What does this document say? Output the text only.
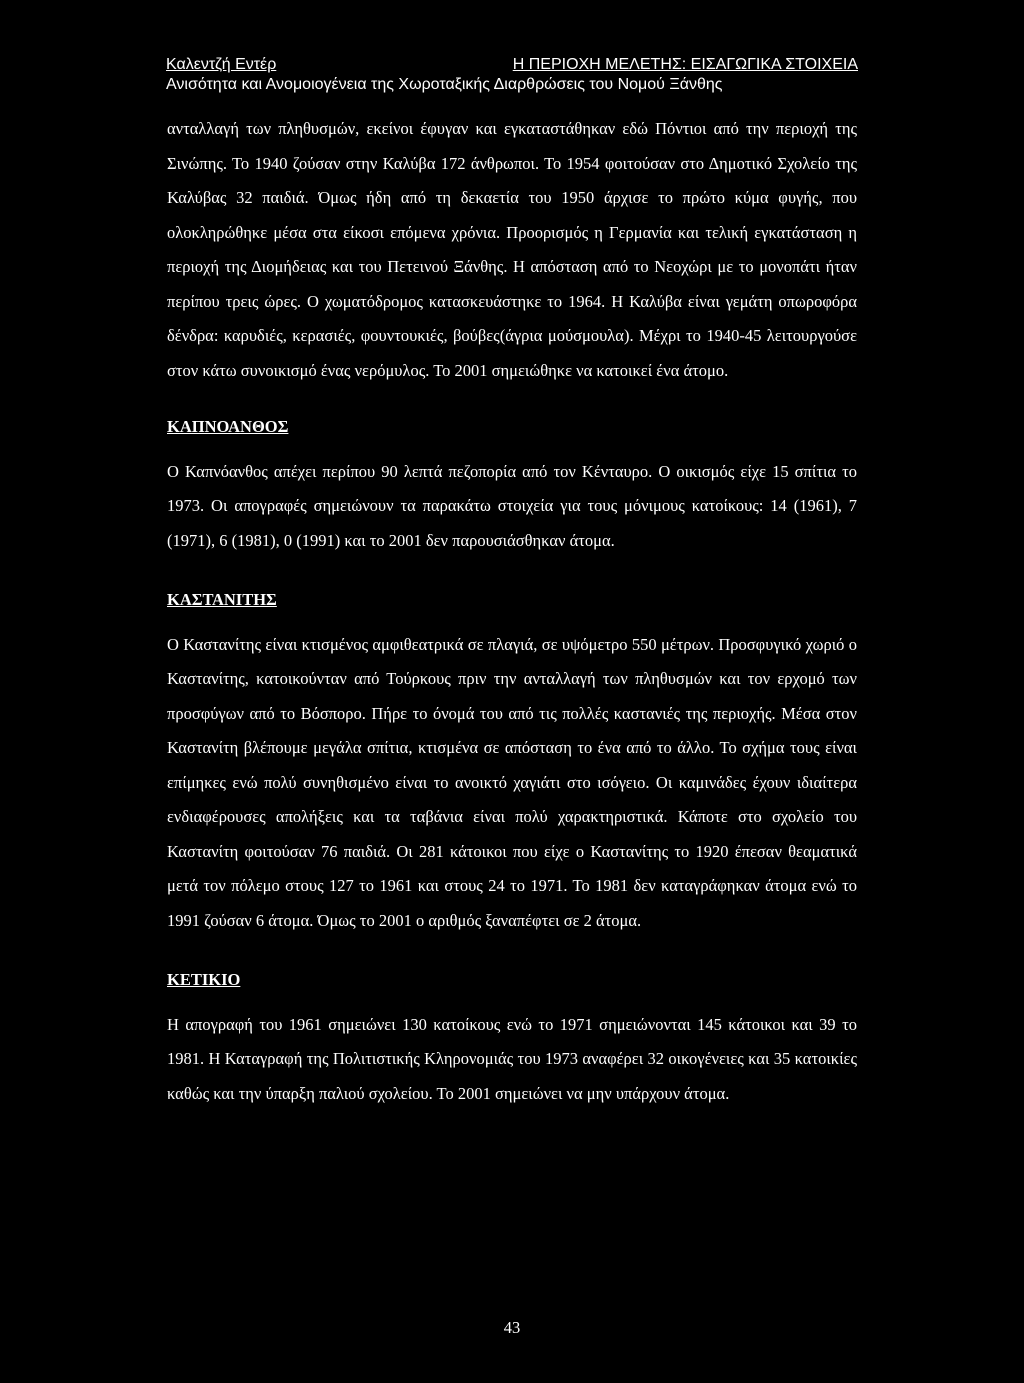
Καλεντζή Εντέρ	Η ΠΕΡΙΟΧΗ ΜΕΛΕΤΗΣ: ΕΙΣΑΓΩΓΙΚΑ ΣΤΟΙΧΕΙΑ
Ανισότητα και Ανομοιογένεια της Χωροταξικής Διαρθρώσεις του Νομού Ξάνθης

ανταλλαγή των πληθυσμών, εκείνοι έφυγαν και εγκαταστάθηκαν εδώ Πόντιοι από την περιοχή της Σινώπης. Το 1940 ζούσαν στην Καλύβα 172 άνθρωποι. Το 1954 φοιτούσαν στο Δημοτικό Σχολείο της Καλύβας 32 παιδιά. Όμως ήδη από τη δεκαετία του 1950 άρχισε το πρώτο κύμα φυγής, που ολοκληρώθηκε μέσα στα είκοσι επόμενα χρόνια. Προορισμός η Γερμανία και τελική εγκατάσταση η περιοχή της Διομήδειας και του Πετεινού Ξάνθης. Η απόσταση από το Νεοχώρι με το μονοπάτι ήταν περίπου τρεις ώρες. Ο χωματόδρομος κατασκευάστηκε το 1964. Η Καλύβα είναι γεμάτη οπωροφόρα δένδρα: καρυδιές, κερασιές, φουντουκιές, βούβες(άγρια μούσμουλα). Μέχρι το 1940-45 λειτουργούσε στον κάτω συνοικισμό ένας νερόμυλος. Το 2001 σημειώθηκε να κατοικεί ένα άτομο.

ΚΑΠΝΟΑΝΘΟΣ

Ο Καπνόανθος απέχει περίπου 90 λεπτά πεζοπορία από τον Κένταυρο. Ο οικισμός είχε 15 σπίτια το 1973. Οι απογραφές σημειώνουν τα παρακάτω στοιχεία για τους μόνιμους κατοίκους: 14 (1961), 7 (1971), 6 (1981), 0 (1991) και το 2001 δεν παρουσιάσθηκαν άτομα.

ΚΑΣΤΑΝΙΤΗΣ

Ο Καστανίτης είναι κτισμένος αμφιθεατρικά σε πλαγιά, σε υψόμετρο 550 μέτρων. Προσφυγικό χωριό ο Καστανίτης, κατοικούνταν από Τούρκους πριν την ανταλλαγή των πληθυσμών και τον ερχομό των προσφύγων από το Βόσπορο. Πήρε το όνομά του από τις πολλές καστανιές της περιοχής. Μέσα στον Καστανίτη βλέπουμε μεγάλα σπίτια, κτισμένα σε απόσταση το ένα από το άλλο. Το σχήμα τους είναι επίμηκες ενώ πολύ συνηθισμένο είναι το ανοικτό χαγιάτι στο ισόγειο. Οι καμινάδες έχουν ιδιαίτερα ενδιαφέρουσες απολήξεις και τα ταβάνια είναι πολύ χαρακτηριστικά. Κάποτε στο σχολείο του Καστανίτη φοιτούσαν 76 παιδιά. Οι 281 κάτοικοι που είχε ο Καστανίτης το 1920 έπεσαν θεαματικά μετά τον πόλεμο στους 127 το 1961 και στους 24 το 1971. Το 1981 δεν καταγράφηκαν άτομα ενώ το 1991 ζούσαν 6 άτομα. Όμως το 2001 ο αριθμός ξαναπέφτει σε 2 άτομα.

ΚΕΤΙΚΙΟ

Η απογραφή του 1961 σημειώνει 130 κατοίκους ενώ το 1971 σημειώνονται 145 κάτοικοι και 39 το 1981. Η Καταγραφή της Πολιτιστικής Κληρονομιάς του 1973 αναφέρει 32 οικογένειες και 35 κατοικίες καθώς και την ύπαρξη παλιού σχολείου. Το 2001 σημειώνει να μην υπάρχουν άτομα.

43
